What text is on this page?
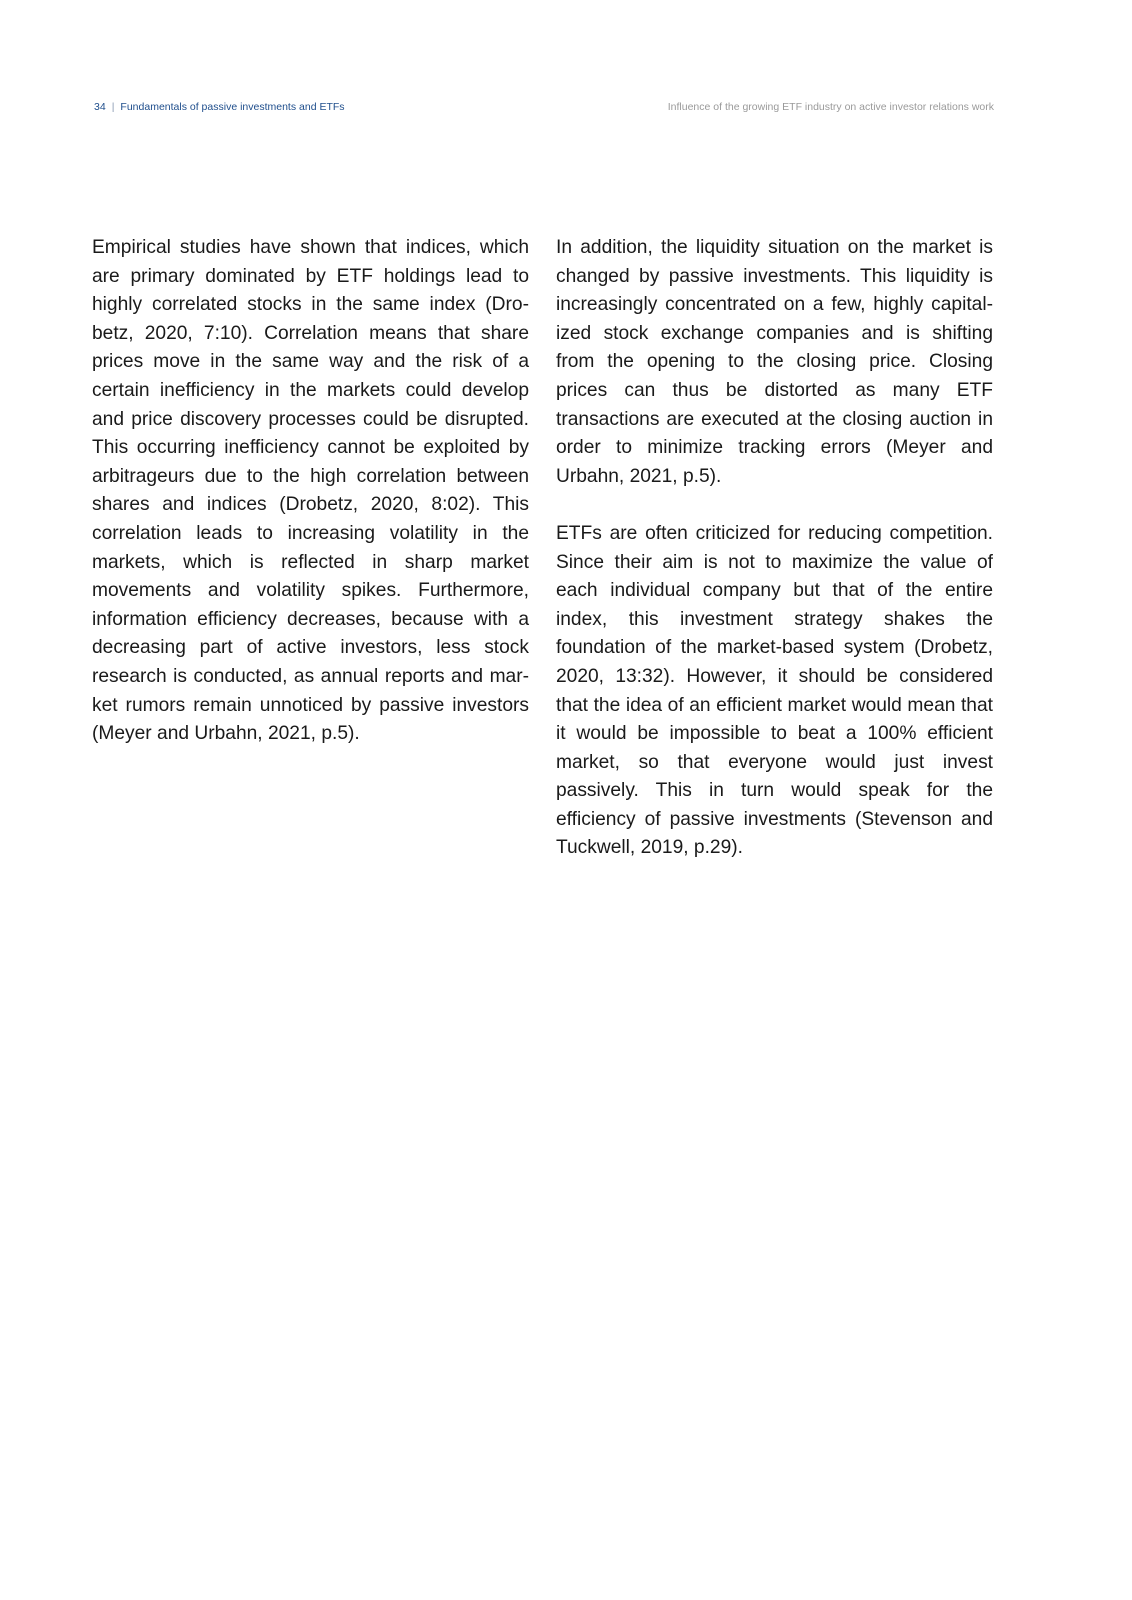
34 | Fundamentals of passive investments and ETFs	Influence of the growing ETF industry on active investor relations work

Empirical studies have shown that indices, which are primary dominated by ETF holdings lead to highly correlated stocks in the same index (Drobetz, 2020, 7:10). Correlation means that share prices move in the same way and the risk of a certain inefficiency in the markets could develop and price discovery processes could be disrupted. This occurring inefficiency cannot be exploited by arbitrageurs due to the high correlation between shares and indices (Drobetz, 2020, 8:02). This correlation leads to increasing volatility in the markets, which is reflected in sharp market movements and volatility spikes. Furthermore, information efficiency decreases, because with a decreasing part of active investors, less stock research is conducted, as annual reports and market rumors remain unnoticed by passive investors (Meyer and Urbahn, 2021, p.5).

In addition, the liquidity situation on the market is changed by passive investments. This liquidity is increasingly concentrated on a few, highly capitalized stock exchange companies and is shifting from the opening to the closing price. Closing prices can thus be distorted as many ETF transactions are executed at the closing auction in order to minimize tracking errors (Meyer and Urbahn, 2021, p.5).

ETFs are often criticized for reducing competition. Since their aim is not to maximize the value of each individual company but that of the entire index, this investment strategy shakes the foundation of the market-based system (Drobetz, 2020, 13:32). However, it should be considered that the idea of an efficient market would mean that it would be impossible to beat a 100% efficient market, so that everyone would just invest passively. This in turn would speak for the efficiency of passive investments (Stevenson and Tuckwell, 2019, p.29).
